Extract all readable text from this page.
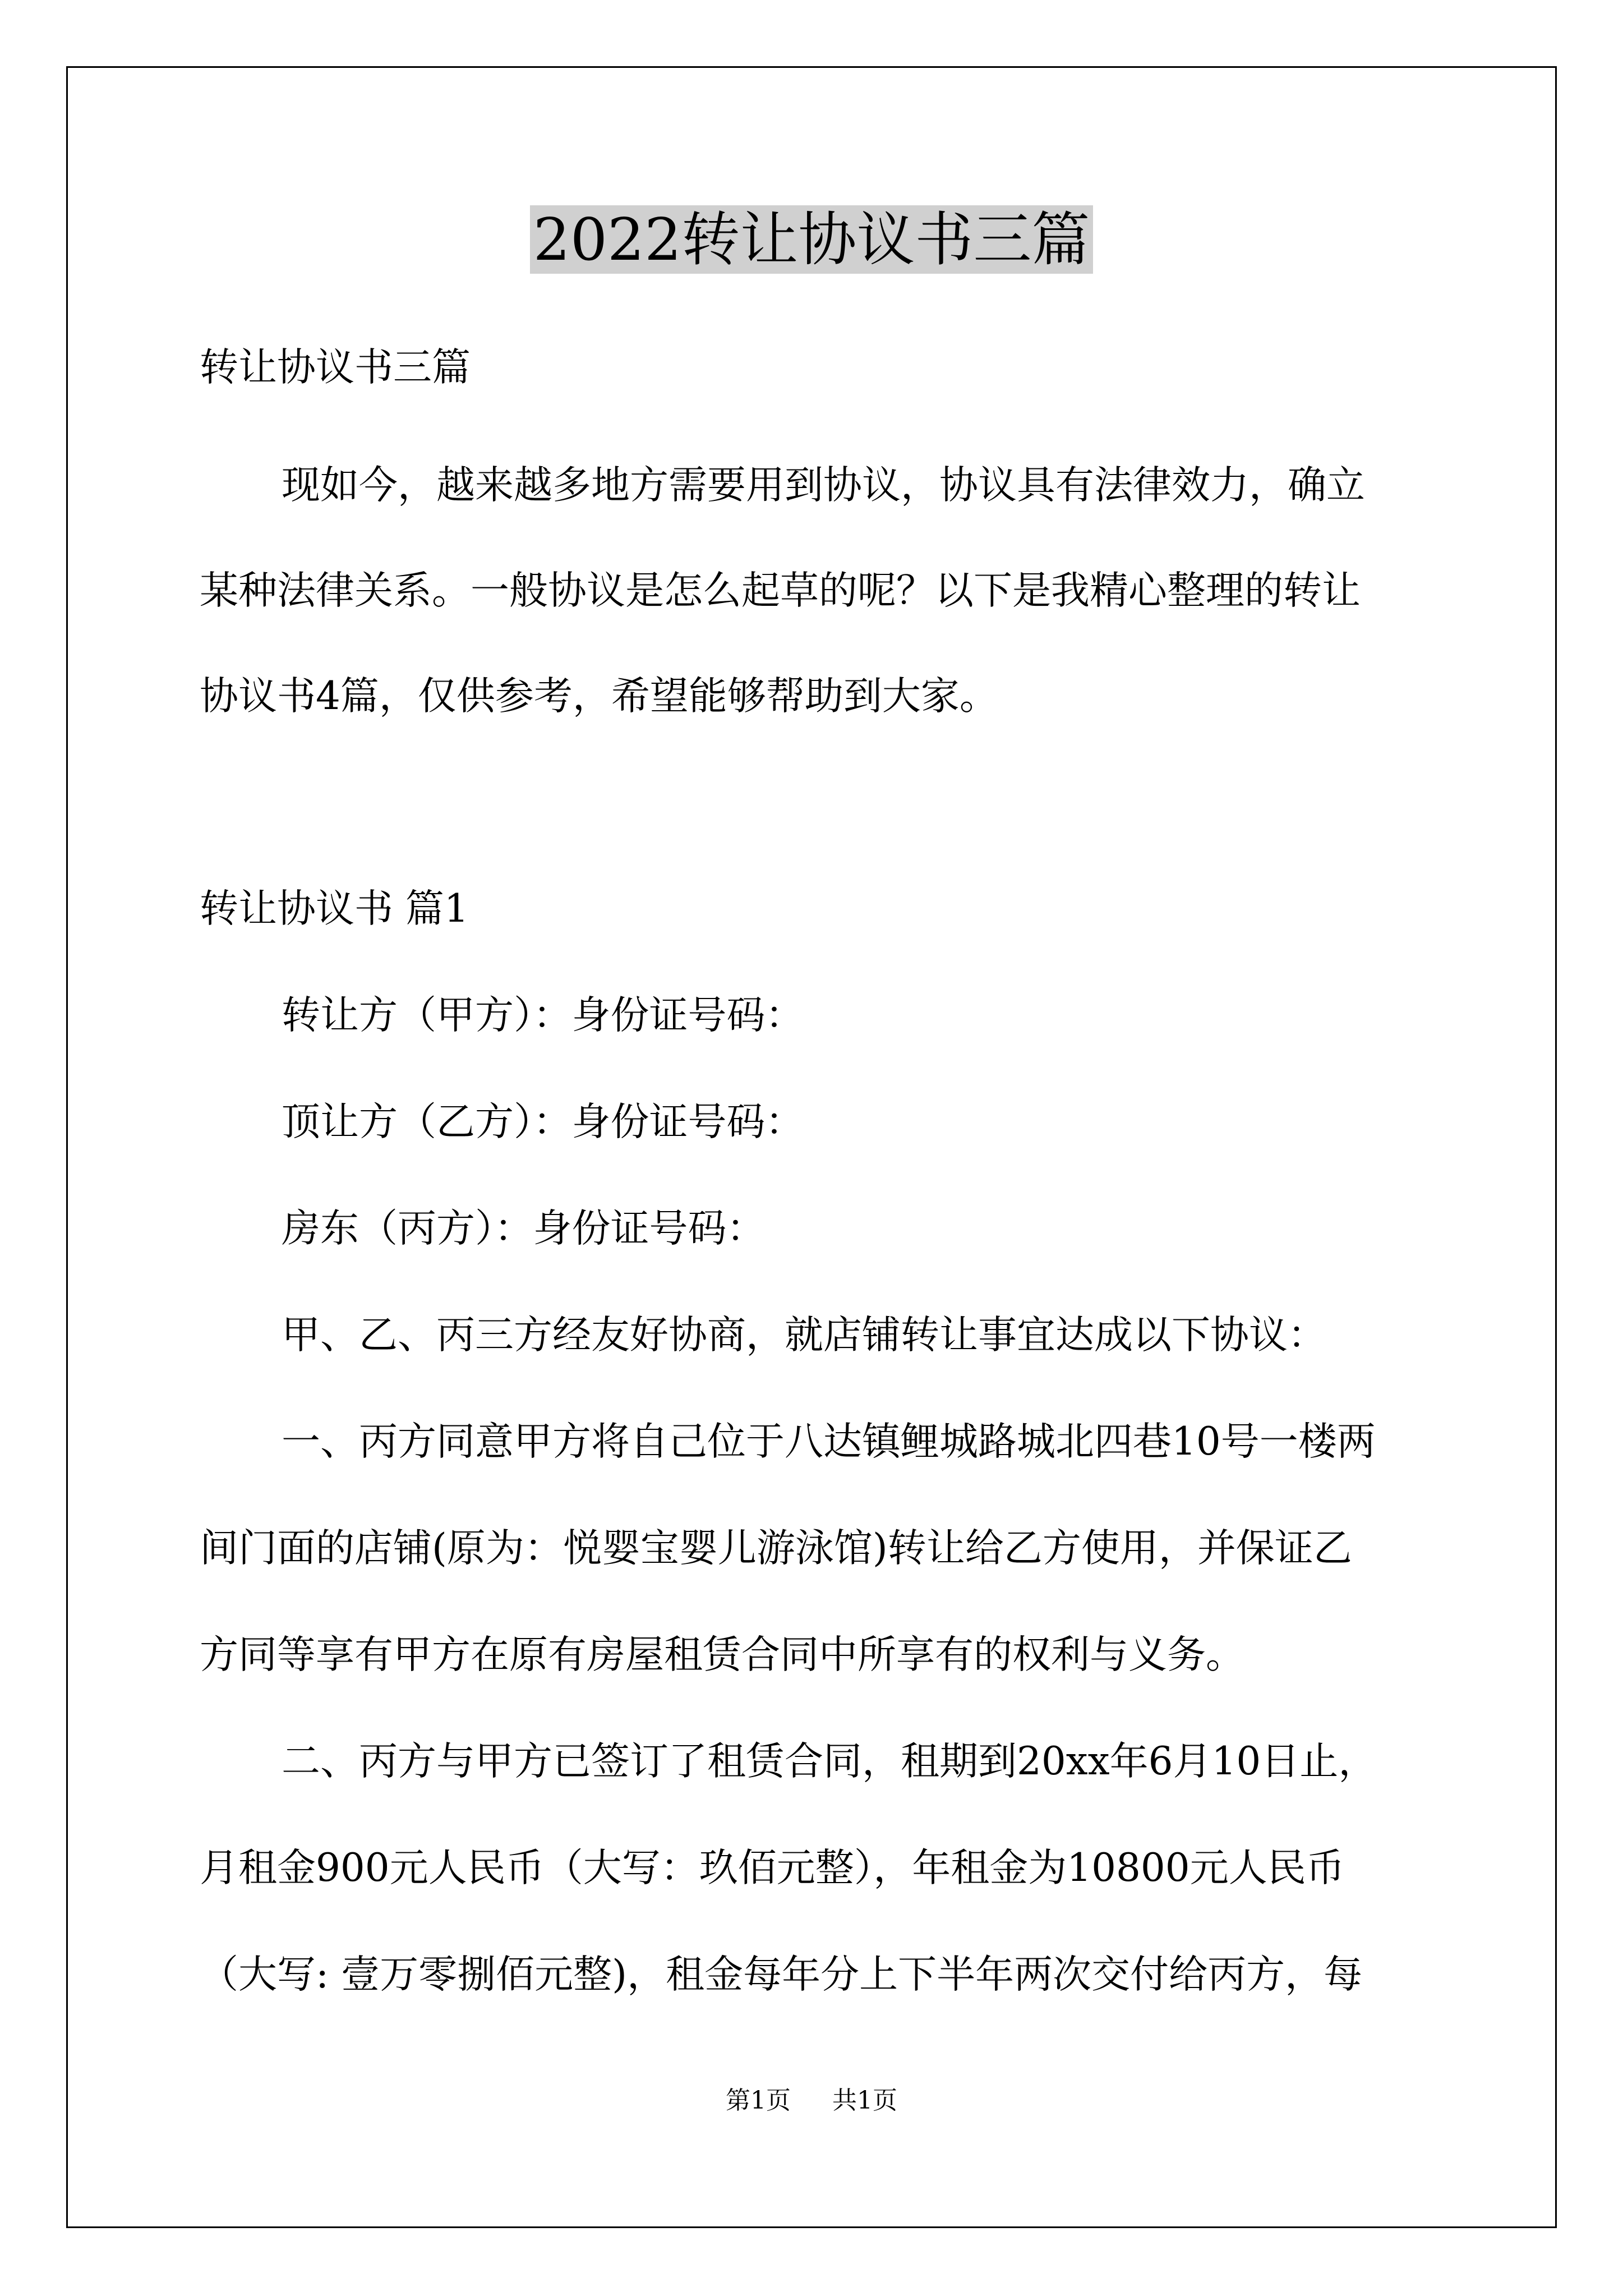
2022转让协议书三篇
转让协议书三篇
现如今，越来越多地方需要用到协议，协议具有法律效力，确立
某种法律关系。一般协议是怎么起草的呢？以下是我精心整理的转让
协议书4篇，仅供参考，希望能够帮助到大家。
转让协议书 篇1
转让方（甲方）：身份证号码：
顶让方（乙方）：身份证号码：
房东（丙方）：身份证号码：
甲、乙、丙三方经友好协商，就店铺转让事宜达成以下协议：
一、丙方同意甲方将自己位于八达镇鲤城路城北四巷10号一楼两
间门面的店铺(原为：悦婴宝婴儿游泳馆)转让给乙方使用，并保证乙
方同等享有甲方在原有房屋租赁合同中所享有的权利与义务。
二、丙方与甲方已签订了租赁合同，租期到20xx年6月10日止，
月租金900元人民币（大写：玖佰元整），年租金为10800元人民币
（大写: 壹万零捌佰元整)，租金每年分上下半年两次交付给丙方，每
第1页 共1页
